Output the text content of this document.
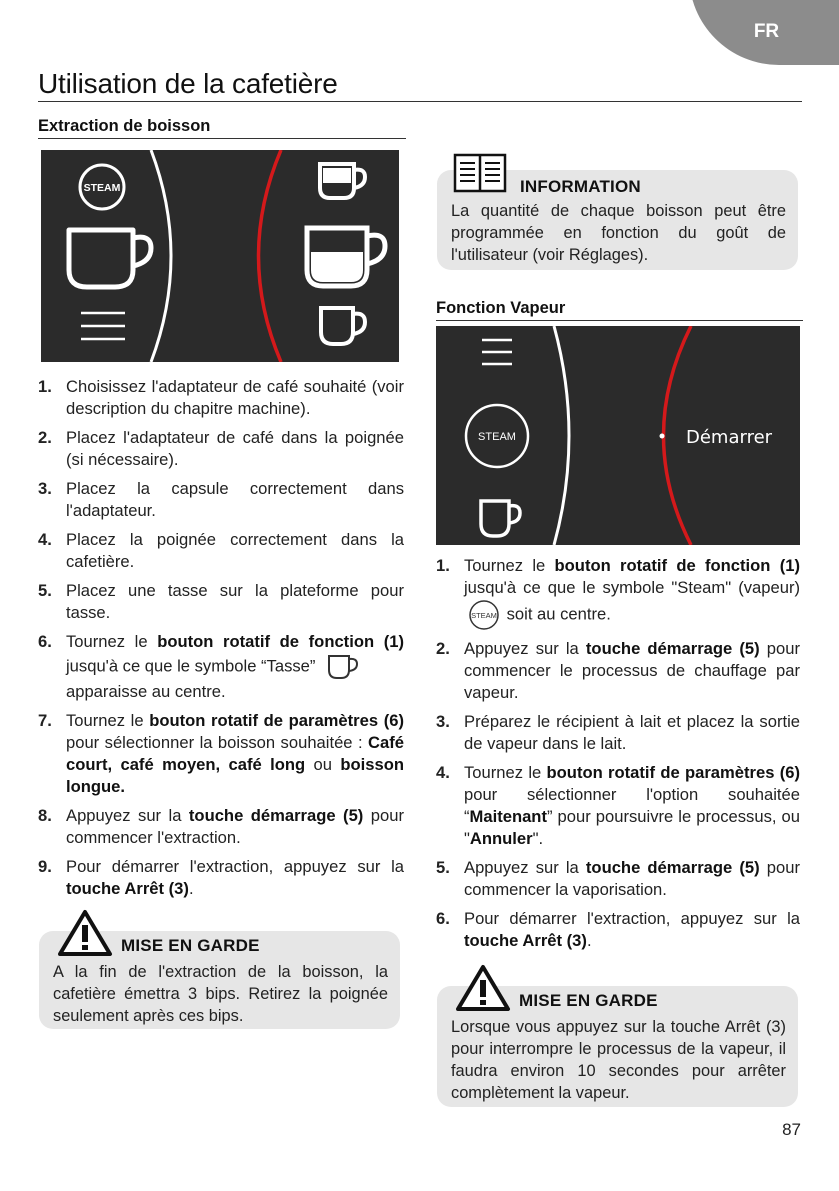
FR
Utilisation de la cafetière
Extraction de boisson
STEAM
1. Choisissez l'adaptateur de café souhaité (voir description du chapitre machine).
2. Placez l'adaptateur de café dans la poignée (si nécessaire).
3. Placez la capsule correctement dans l'adaptateur.
4. Placez la poignée correctement dans la cafetière.
5. Placez une tasse sur la plateforme pour tasse.
6. Tournez le bouton rotatif de fonction (1) jusqu'à ce que le symbole “Tasse”
apparaisse au centre.
7. Tournez le bouton rotatif de paramètres (6) pour sélectionner la boisson souhaitée : Café court, café moyen, café long ou boisson longue.
8. Appuyez sur la touche démarrage (5) pour commencer l'extraction.
9. Pour démarrer l'extraction, appuyez sur la touche Arrêt (3).
MISE EN GARDE
A la fin de l'extraction de la boisson, la cafetière émettra 3 bips. Retirez la poignée seulement après ces bips.
INFORMATION
La quantité de chaque boisson peut être programmée en fonction du goût de l'utilisateur (voir Réglages).
Fonction Vapeur
STEAM	Démarrer
1. Tournez le bouton rotatif de fonction (1) jusqu'à ce que le symbole "Steam" (vapeur)
STEAM soit au centre.
2. Appuyez sur la touche démarrage (5) pour commencer le processus de chauffage par vapeur.
3. Préparez le récipient à lait et placez la sortie de vapeur dans le lait.
4. Tournez le bouton rotatif de paramètres (6) pour sélectionner l'option souhaitée “Maitenant” pour poursuivre le processus, ou "Annuler".
5. Appuyez sur la touche démarrage (5) pour commencer la vaporisation.
6. Pour démarrer l'extraction, appuyez sur la touche Arrêt (3).
MISE EN GARDE
Lorsque vous appuyez sur la touche Arrêt (3) pour interrompre le processus de la vapeur, il faudra environ 10 secondes pour arrêter complètement la vapeur.
87
